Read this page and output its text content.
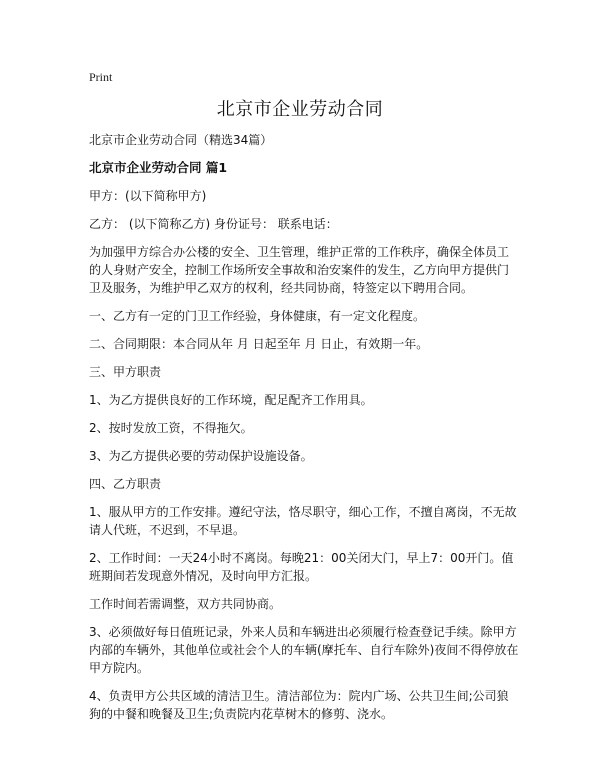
Print
北京市企业劳动合同

北京市企业劳动合同（精选34篇）

北京市企业劳动合同 篇1

甲方：(以下简称甲方)

乙方： (以下简称乙方) 身份证号： 联系电话：

为加强甲方综合办公楼的安全、卫生管理，维护正常的工作秩序，确保全体员工的人身财产安全，控制工作场所安全事故和治安案件的发生，乙方向甲方提供门卫及服务，为维护甲乙双方的权利，经共同协商，特签定以下聘用合同。

一、乙方有一定的门卫工作经验，身体健康，有一定文化程度。

二、合同期限：本合同从年 月 日起至年 月 日止，有效期一年。

三、甲方职责

1、为乙方提供良好的工作环境，配足配齐工作用具。

2、按时发放工资，不得拖欠。

3、为乙方提供必要的劳动保护设施设备。

四、乙方职责

1、服从甲方的工作安排。遵纪守法，恪尽职守，细心工作，不擅自离岗，不无故请人代班，不迟到，不早退。

2、工作时间：一天24小时不离岗。每晚21：00关闭大门，早上7：00开门。值班期间若发现意外情况，及时向甲方汇报。

工作时间若需调整，双方共同协商。

3、必须做好每日值班记录，外来人员和车辆进出必须履行检查登记手续。除甲方内部的车辆外，其他单位或社会个人的车辆(摩托车、自行车除外)夜间不得停放在甲方院内。

4、负责甲方公共区域的清洁卫生。清洁部位为：院内广场、公共卫生间;公司狼狗的中餐和晚餐及卫生;负责院内花草树木的修剪、浇水。
